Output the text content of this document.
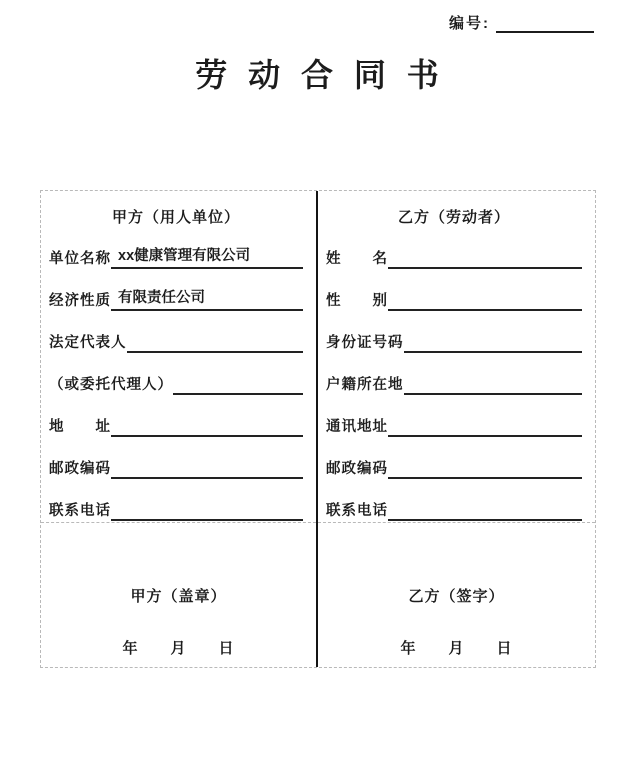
编号:
劳 动 合 同 书
甲方（用人单位）
单位名称 xx健康管理有限公司
经济性质 有限责任公司
法定代表人
（或委托代理人）
地　　址
邮政编码
联系电话
甲方（盖章）
年　　月　　日
乙方（劳动者）
姓　　名
性　　别
身份证号码
户籍所在地
通讯地址
邮政编码
联系电话
乙方（签字）
年　　月　　日
